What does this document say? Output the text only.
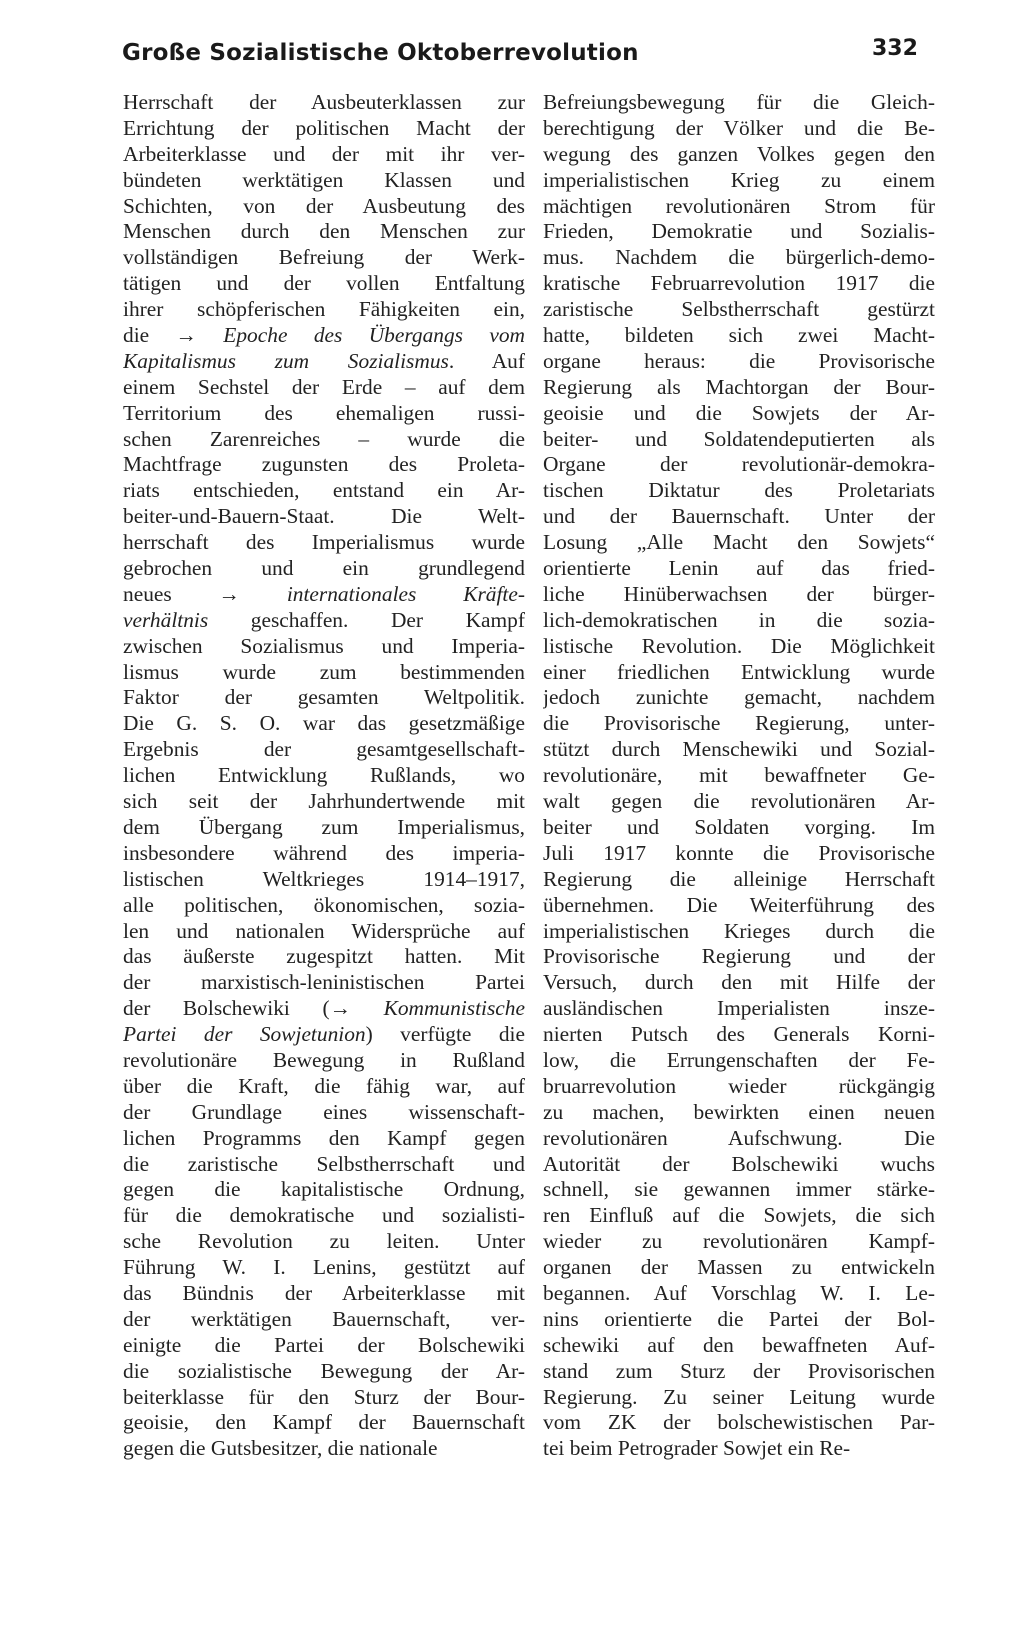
Große Sozialistische Oktoberrevolution	332
Herrschaft der Ausbeuterklassen zur
Errichtung der politischen Macht der
Arbeiterklasse und der mit ihr ver-
bündeten werktätigen Klassen und
Schichten, von der Ausbeutung des
Menschen durch den Menschen zur
vollständigen Befreiung der Werk-
tätigen und der vollen Entfaltung
ihrer schöpferischen Fähigkeiten ein,
die → Epoche des Übergangs vom
Kapitalismus zum Sozialismus. Auf
einem Sechstel der Erde – auf dem
Territorium des ehemaligen russi-
schen Zarenreiches – wurde die
Machtfrage zugunsten des Proleta-
riats entschieden, entstand ein Ar-
beiter-und-Bauern-Staat. Die Welt-
herrschaft des Imperialismus wurde
gebrochen und ein grundlegend
neues → internationales Kräfte-
verhältnis geschaffen. Der Kampf
zwischen Sozialismus und Imperia-
lismus wurde zum bestimmenden
Faktor der gesamten Weltpolitik.
Die G. S. O. war das gesetzmäßige
Ergebnis der gesamtgesellschaft-
lichen Entwicklung Rußlands, wo
sich seit der Jahrhundertwende mit
dem Übergang zum Imperialismus,
insbesondere während des imperia-
listischen Weltkrieges 1914–1917,
alle politischen, ökonomischen, sozia-
len und nationalen Widersprüche auf
das äußerste zugespitzt hatten. Mit
der marxistisch-leninistischen Partei
der Bolschewiki (→ Kommunistische
Partei der Sowjetunion) verfügte die
revolutionäre Bewegung in Rußland
über die Kraft, die fähig war, auf
der Grundlage eines wissenschaft-
lichen Programms den Kampf gegen
die zaristische Selbstherrschaft und
gegen die kapitalistische Ordnung,
für die demokratische und sozialisti-
sche Revolution zu leiten. Unter
Führung W. I. Lenins, gestützt auf
das Bündnis der Arbeiterklasse mit
der werktätigen Bauernschaft, ver-
einigte die Partei der Bolschewiki
die sozialistische Bewegung der Ar-
beiterklasse für den Sturz der Bour-
geoisie, den Kampf der Bauernschaft
gegen die Gutsbesitzer, die nationale
Befreiungsbewegung für die Gleich-
berechtigung der Völker und die Be-
wegung des ganzen Volkes gegen den
imperialistischen Krieg zu einem
mächtigen revolutionären Strom für
Frieden, Demokratie und Sozialis-
mus. Nachdem die bürgerlich-demo-
kratische Februarrevolution 1917 die
zaristische Selbstherrschaft gestürzt
hatte, bildeten sich zwei Macht-
organe heraus: die Provisorische
Regierung als Machtorgan der Bour-
geoisie und die Sowjets der Ar-
beiter- und Soldatendeputierten als
Organe der revolutionär-demokra-
tischen Diktatur des Proletariats
und der Bauernschaft. Unter der
Losung „Alle Macht den Sowjets“
orientierte Lenin auf das fried-
liche Hinüberwachsen der bürger-
lich-demokratischen in die sozia-
listische Revolution. Die Möglichkeit
einer friedlichen Entwicklung wurde
jedoch zunichte gemacht, nachdem
die Provisorische Regierung, unter-
stützt durch Menschewiki und Sozial-
revolutionäre, mit bewaffneter Ge-
walt gegen die revolutionären Ar-
beiter und Soldaten vorging. Im
Juli 1917 konnte die Provisorische
Regierung die alleinige Herrschaft
übernehmen. Die Weiterführung des
imperialistischen Krieges durch die
Provisorische Regierung und der
Versuch, durch den mit Hilfe der
ausländischen Imperialisten insze-
nierten Putsch des Generals Korni-
low, die Errungenschaften der Fe-
bruarrevolution wieder rückgängig
zu machen, bewirkten einen neuen
revolutionären Aufschwung. Die
Autorität der Bolschewiki wuchs
schnell, sie gewannen immer stärke-
ren Einfluß auf die Sowjets, die sich
wieder zu revolutionären Kampf-
organen der Massen zu entwickeln
begannen. Auf Vorschlag W. I. Le-
nins orientierte die Partei der Bol-
schewiki auf den bewaffneten Auf-
stand zum Sturz der Provisorischen
Regierung. Zu seiner Leitung wurde
vom ZK der bolschewistischen Par-
tei beim Petrograder Sowjet ein Re-
